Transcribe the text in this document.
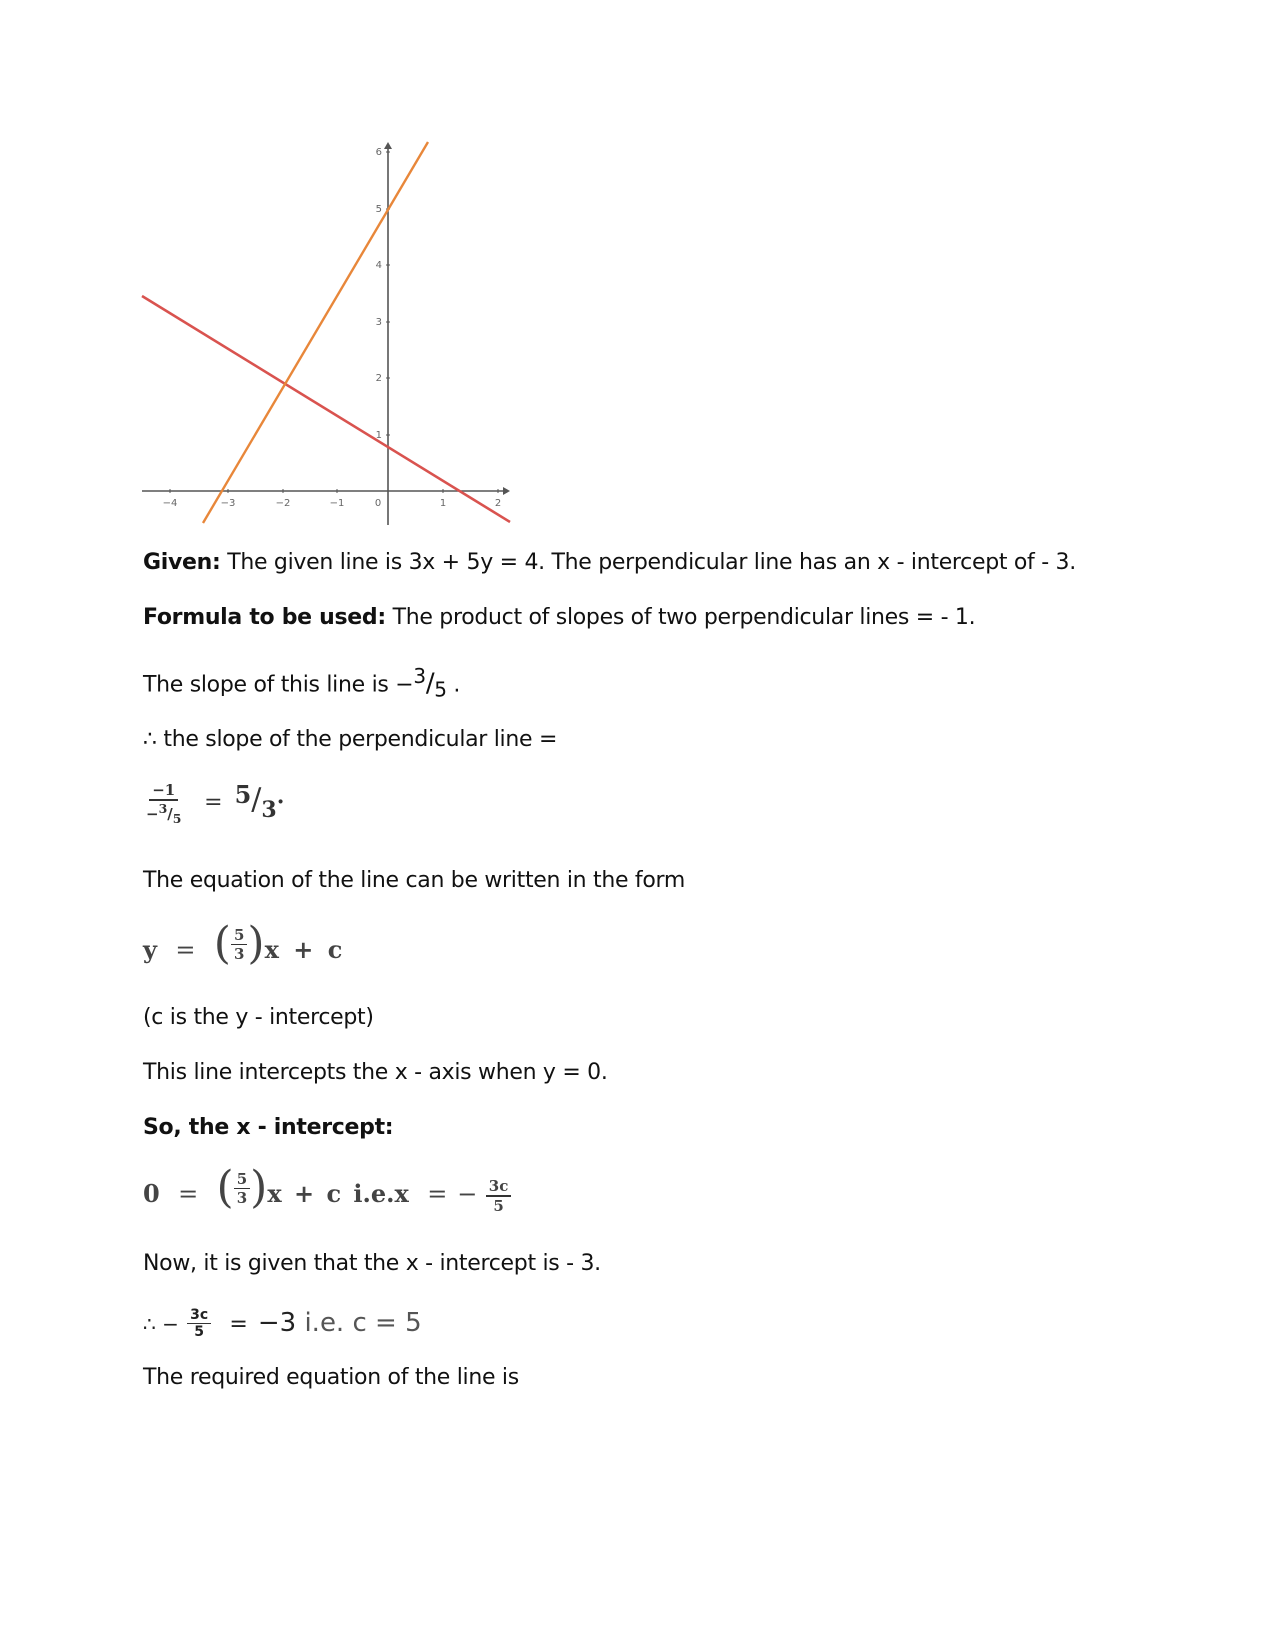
−4	−3	−2	−1	0	1	2
1
2
3
4
5
6
Given: The given line is 3x + 5y = 4. The perpendicular line has an x - intercept of - 3.
Formula to be used: The product of slopes of two perpendicular lines = - 1.
The slope of this line is −3/5 .
∴ the slope of the perpendicular line =
$\frac{-1}{-^3/_5} = 5/3\cdot$
The equation of the line can be written in the form
y = ( $\frac{5}{3}$ ) x + c
(c is the y - intercept)
This line intercepts the x - axis when y = 0.
So, the x - intercept:
0 = ( $\frac{5}{3}$ ) x + c i.e.x = − $\frac{3c}{5}$
Now, it is given that the x - intercept is - 3.
∴ − $\frac{3c}{5} = -3$ i.e. c = 5
The required equation of the line is
